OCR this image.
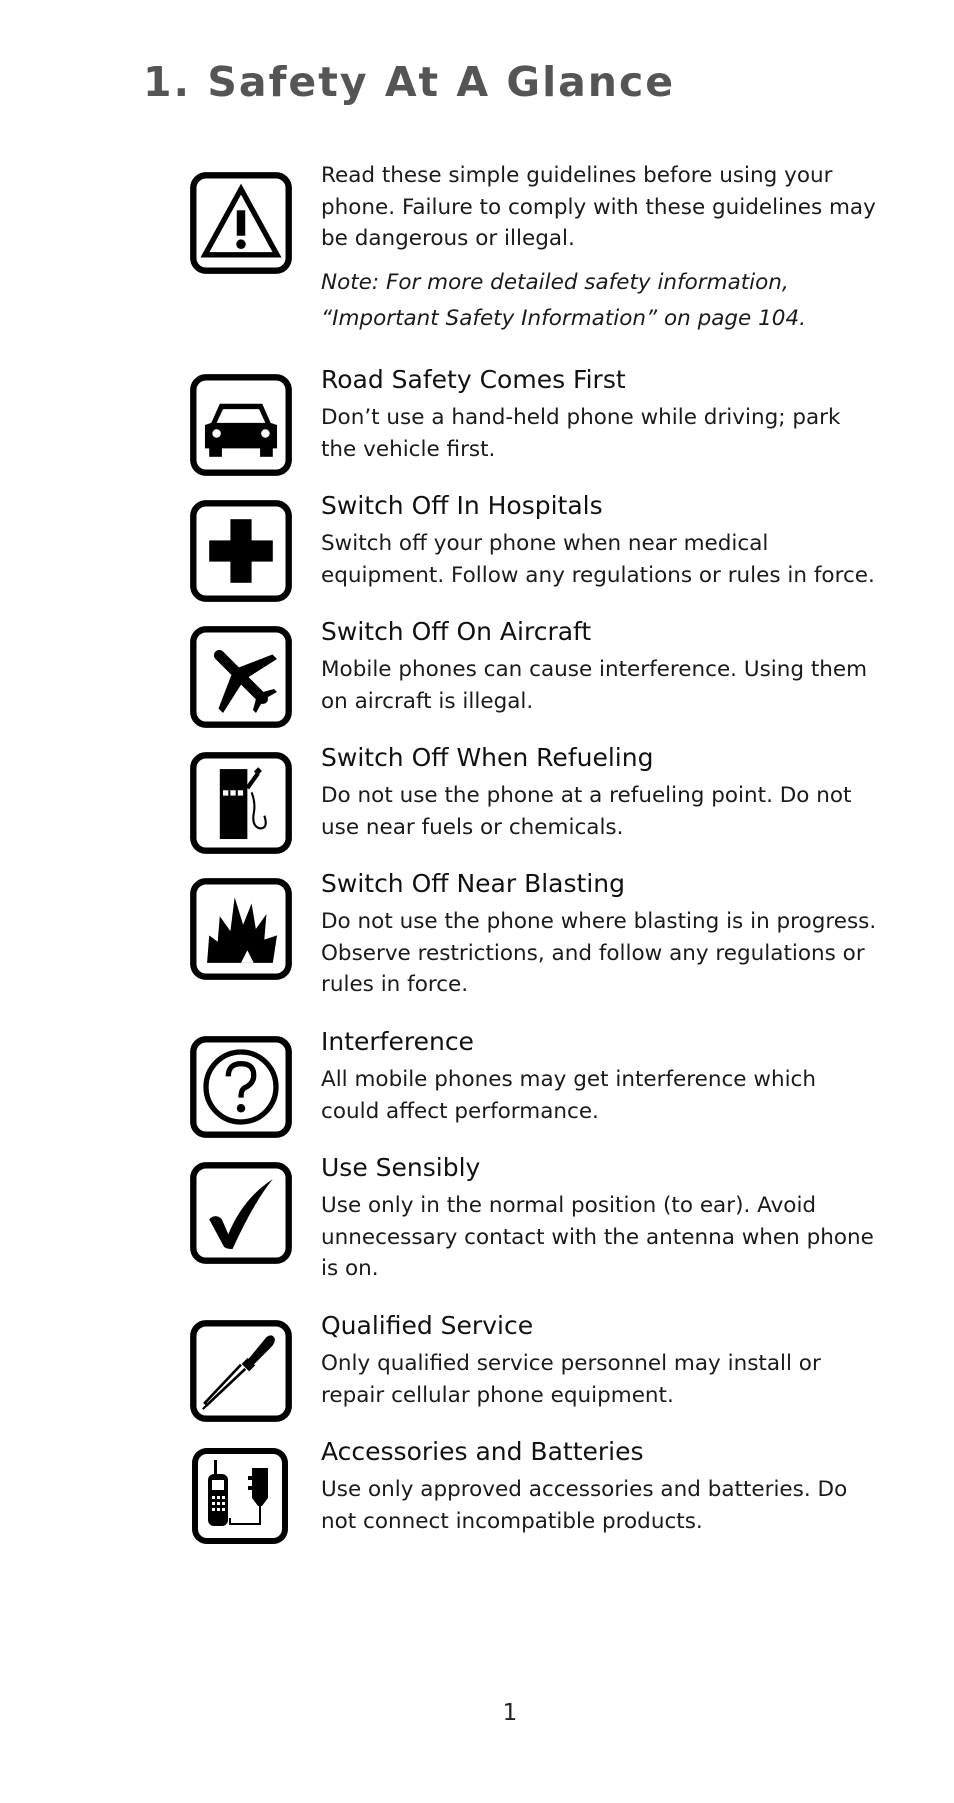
1. Safety At A Glance

Read these simple guidelines before using your phone. Failure to comply with these guidelines may be dangerous or illegal.

Note: For more detailed safety information,
“Important Safety Information” on page 104.

Road Safety Comes First

Don’t use a hand-held phone while driving; park the vehicle first.

Switch Off In Hospitals

Switch off your phone when near medical equipment. Follow any regulations or rules in force.

Switch Off On Aircraft

Mobile phones can cause interference. Using them on aircraft is illegal.

Switch Off When Refueling

Do not use the phone at a refueling point. Do not use near fuels or chemicals.

Switch Off Near Blasting

Do not use the phone where blasting is in progress. Observe restrictions, and follow any regulations or rules in force.

Interference

All mobile phones may get interference which could affect performance.

Use Sensibly

Use only in the normal position (to ear). Avoid unnecessary contact with the antenna when phone is on.

Qualified Service

Only qualified service personnel may install or repair cellular phone equipment.

Accessories and Batteries

Use only approved accessories and batteries. Do not connect incompatible products.

1
